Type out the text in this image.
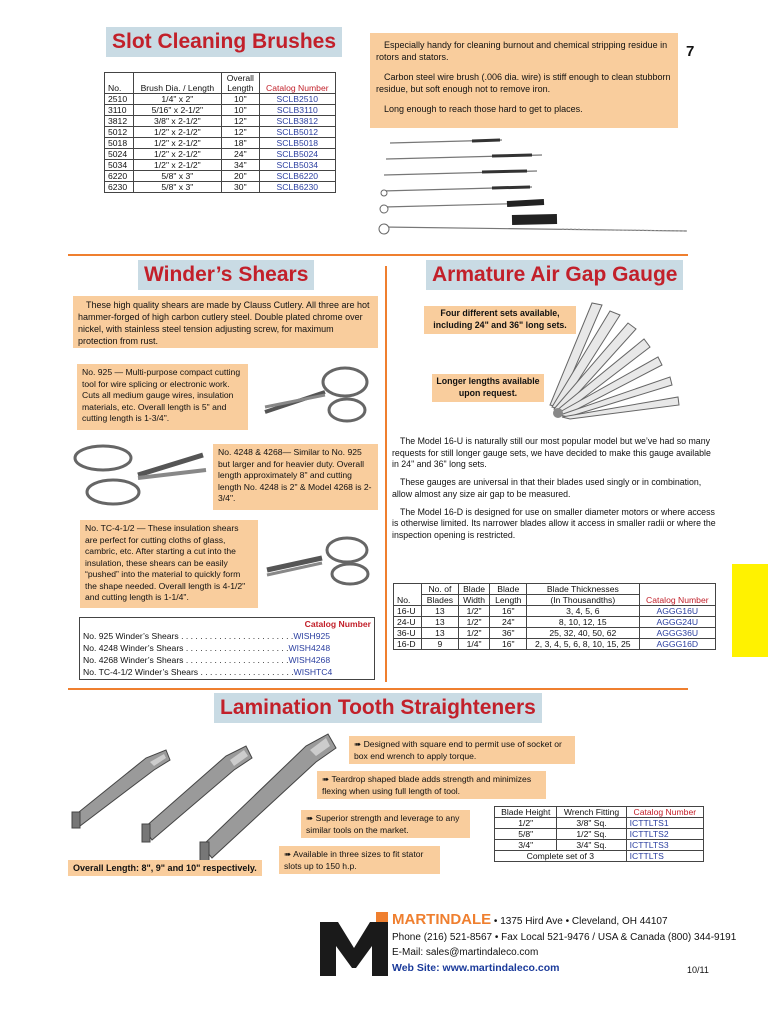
Slot Cleaning Brushes
No.	Brush Dia. / Length	Overall	Catalog Number
		Length	
2510	1/4" x 2"	10"	SCLB2510
3110	5/16" x 2-1/2"	10"	SCLB3110
3812	3/8" x 2-1/2"	12"	SCLB3812
5012	1/2" x 2-1/2"	12"	SCLB5012
5018	1/2" x 2-1/2"	18"	SCLB5018
5024	1/2" x 2-1/2"	24"	SCLB5024
5034	1/2" x 2-1/2"	34"	SCLB5034
6220	5/8" x 3"	20"	SCLB6220
6230	5/8" x 3"	30"	SCLB6230

Especially handy for cleaning burnout and chemical stripping residue in rotors and stators.

Carbon steel wire brush (.006 dia. wire) is stiff enough to clean stubborn residue, but soft enough not to remove iron.

Long enough to reach those hard to get to places.

7
Winder’s Shears

These high quality shears are made by Clauss Cutlery. All three are hot hammer-forged of high carbon cutlery steel. Double plated chrome over nickel, with stainless steel tension adjusting screw, for maximum protection from rust.

No. 925 — Multi-purpose compact cutting tool for wire splicing or electronic work. Cuts all medium gauge wires, insulation materials, etc. Overall length is 5" and cutting length is 1-3/4".
No. 4248 & 4268— Similar to No. 925 but larger and for heavier duty. Overall length approximately 8" and cutting length No. 4248 is 2" & Model 4268 is 2-3/4".
No. TC-4-1/2 — These insulation shears are perfect for cutting cloths of glass, cambric, etc. After starting a cut into the insulation, these shears can be easily “pushed” into the material to quickly form the shape needed. Overall length is 4-1/2" and cutting length is 1-1/4".
Catalog Number
No. 925 Winder’s Shears . . . . . . . . . . . . . . . . . . . . . . . .WISH925
No. 4248 Winder’s Shears . . . . . . . . . . . . . . . . . . . . . .WISH4248
No. 4268 Winder’s Shears . . . . . . . . . . . . . . . . . . . . . .WISH4268
No. TC-4-1/2 Winder’s Shears . . . . . . . . . . . . . . . . . . . .WISHTC4
Armature Air Gap Gauge
Four different sets available, including 24" and 36" long sets.
Longer lengths available upon request.

The Model 16-U is naturally still our most popular model but we’ve had so many requests for still longer gauge sets, we have decided to make this gauge available in 24" and 36" long sets.

These gauges are universal in that their blades used singly or in combination, allow almost any size air gap to be measured.

The Model 16-D is designed for use on smaller diameter motors or where access is otherwise limited. Its narrower blades allow it access in smaller radii or where the inspection opening is restricted.

No.	No. of	Blade	Blade	Blade Thicknesses	Catalog Number
	Blades	Width	Length	(In Thousandths)	
16-U	13	1/2"	16"	3, 4, 5, 6	AGGG16U
24-U	13	1/2"	24"	8, 10, 12, 15	AGGG24U
36-U	13	1/2"	36"	25, 32, 40, 50, 62	AGGG36U
16-D	9	1/4"	16"	2, 3, 4, 5, 6, 8, 10, 15, 25	AGGG16D
Lamination Tooth Straighteners
Overall Length: 8", 9" and 10" respectively.
➠ Designed with square end to permit use of socket or box end wrench to apply torque.
➠ Teardrop shaped blade adds strength and minimizes flexing when using full length of tool.
➠ Superior strength and leverage to any similar tools on the market.
➠ Available in three sizes to fit stator slots up to 150 h.p.
Blade Height	Wrench Fitting	Catalog Number
1/2"	3/8" Sq.	ICTTLTS1
5/8"	1/2" Sq.	ICTTLTS2
3/4"	3/4" Sq.	ICTTLTS3
Complete set of 3		ICTTLTS
MARTINDALE • 1375 Hird Ave • Cleveland, OH 44107
Phone (216) 521-8567 • Fax Local 521-9476 / USA & Canada (800) 344-9191
E-Mail: sales@martindaleco.com
Web Site: www.martindaleco.com	10/11
